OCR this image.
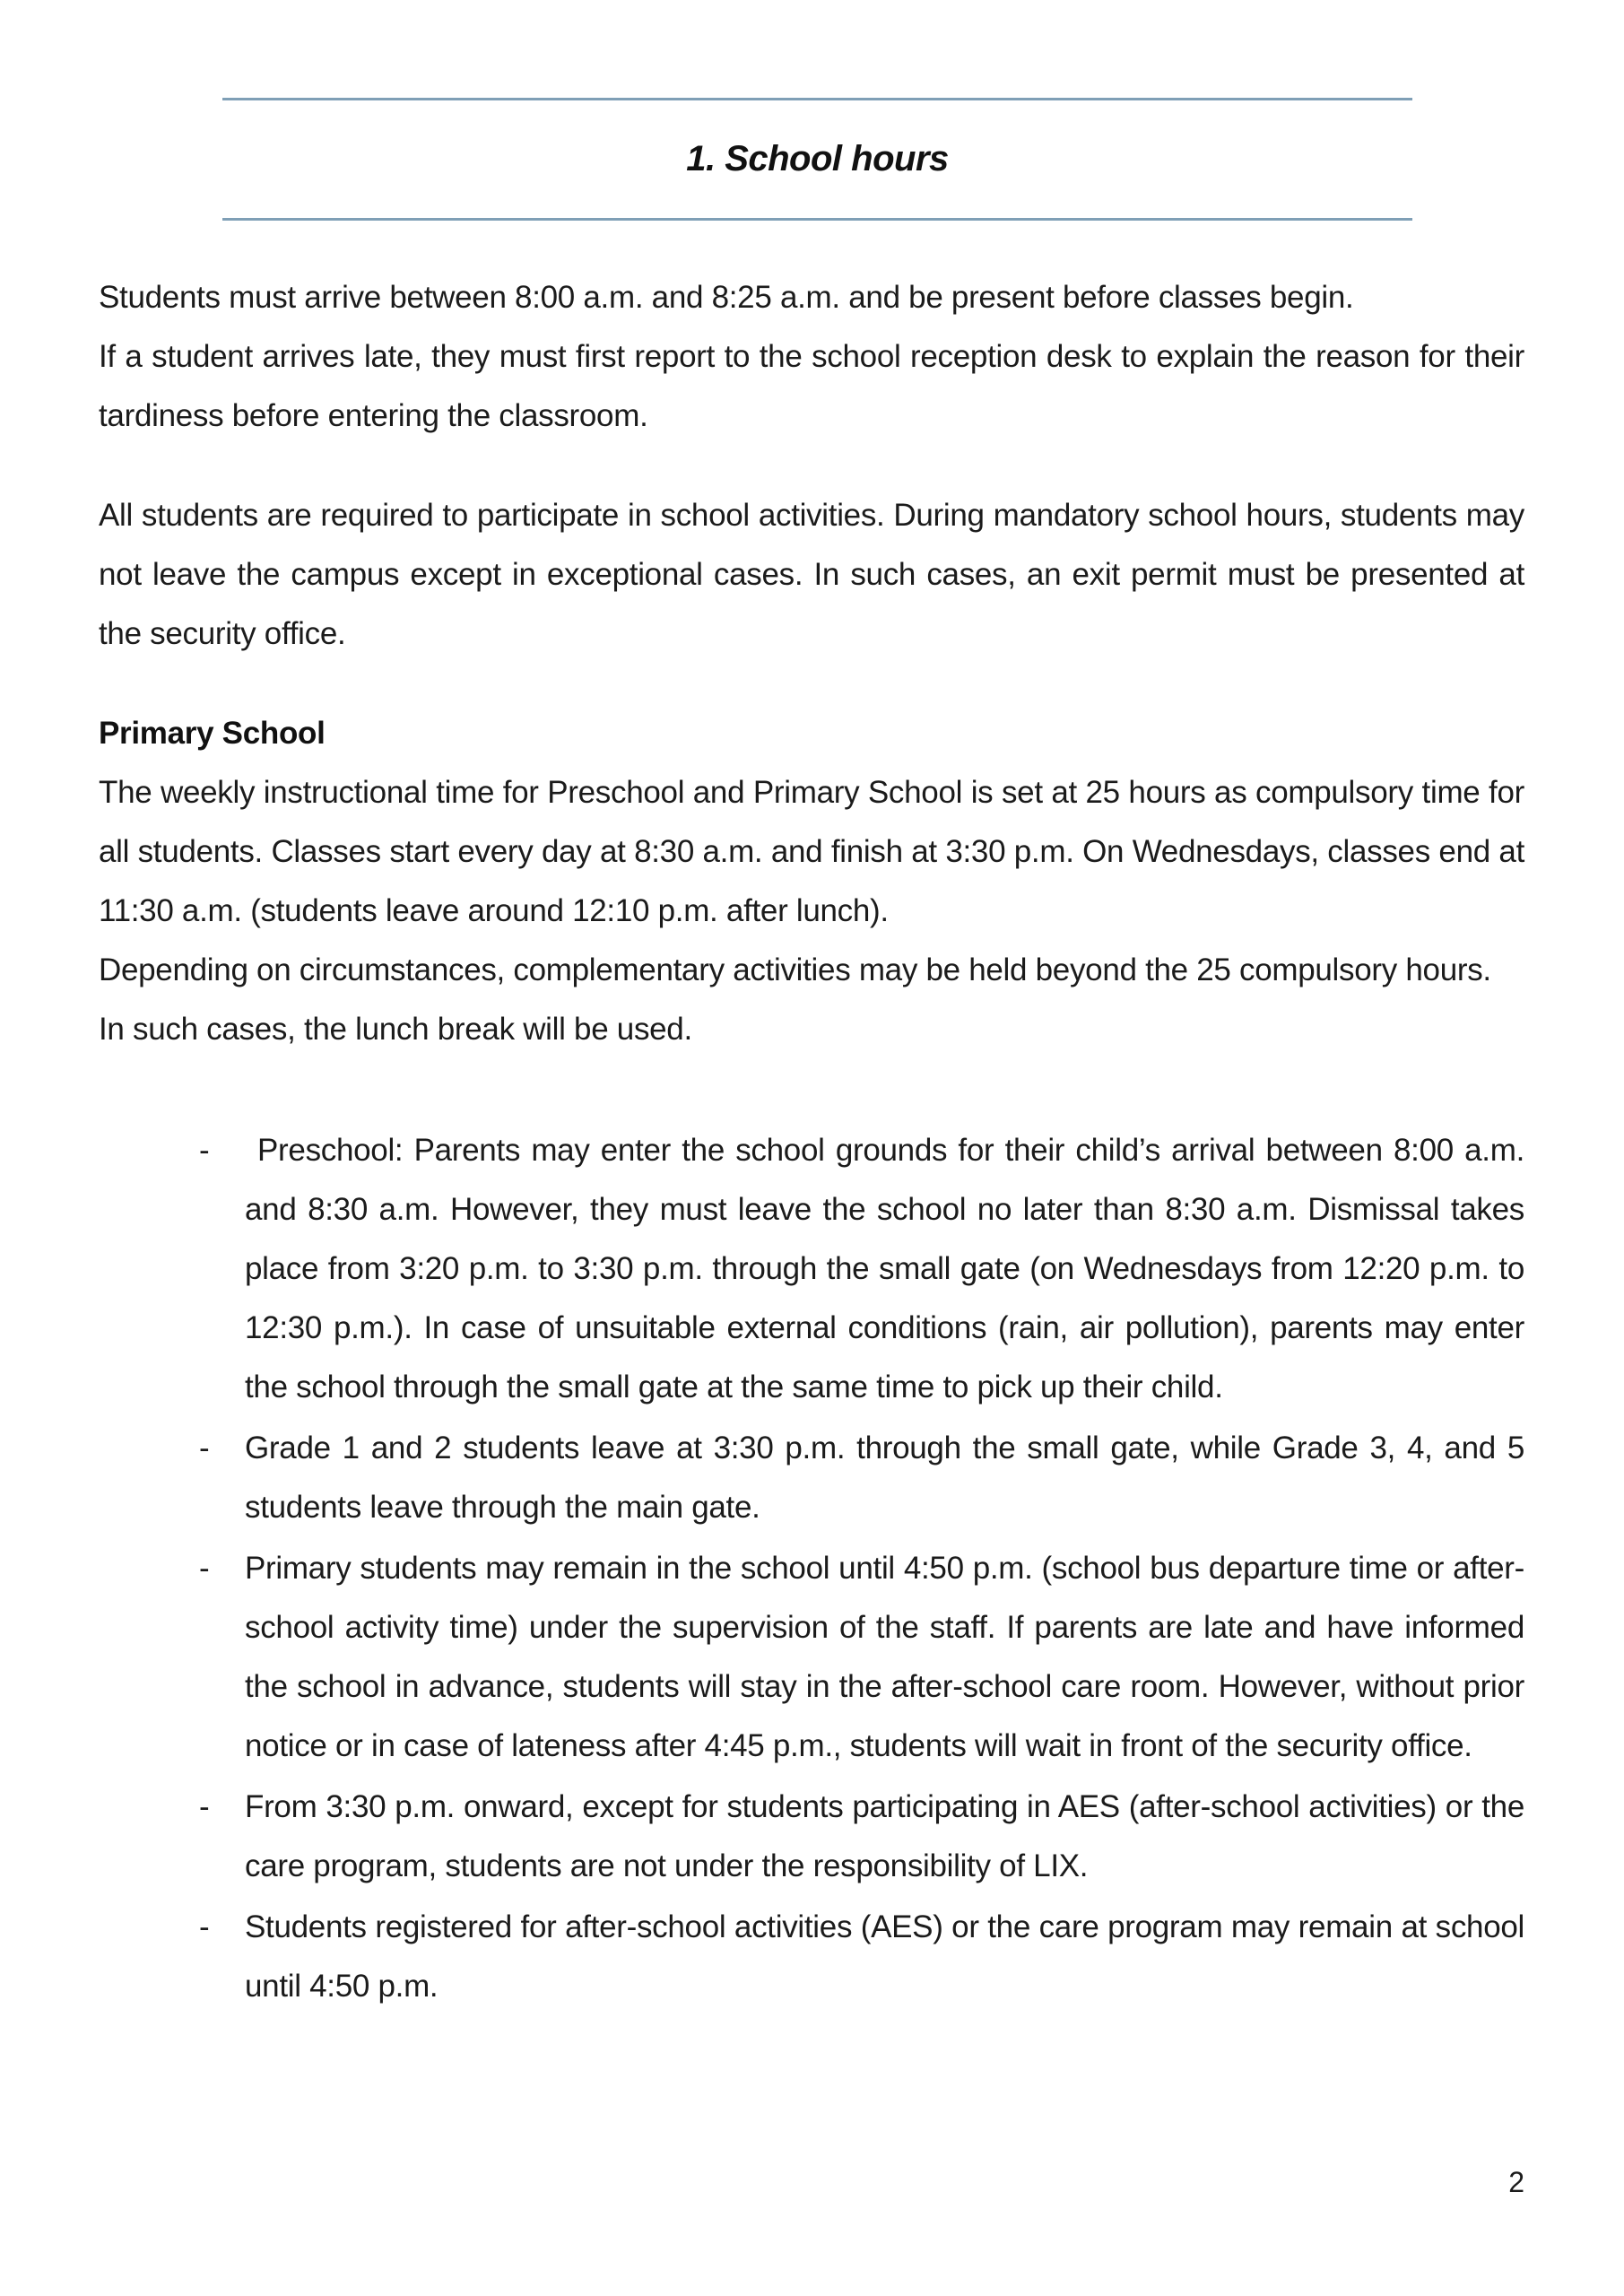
1. School hours

Students must arrive between 8:00 a.m. and 8:25 a.m. and be present before classes begin.

If a student arrives late, they must first report to the school reception desk to explain the reason for their tardiness before entering the classroom.

All students are required to participate in school activities. During mandatory school hours, students may not leave the campus except in exceptional cases. In such cases, an exit permit must be presented at the security office.

Primary School

The weekly instructional time for Preschool and Primary School is set at 25 hours as compulsory time for all students. Classes start every day at 8:30 a.m. and finish at 3:30 p.m. On Wednesdays, classes end at 11:30 a.m. (students leave around 12:10 p.m. after lunch).

Depending on circumstances, complementary activities may be held beyond the 25 compulsory hours.

In such cases, the lunch break will be used.

- Preschool: Parents may enter the school grounds for their child’s arrival between 8:00 a.m. and 8:30 a.m. However, they must leave the school no later than 8:30 a.m. Dismissal takes place from 3:20 p.m. to 3:30 p.m. through the small gate (on Wednesdays from 12:20 p.m. to 12:30 p.m.). In case of unsuitable external conditions (rain, air pollution), parents may enter the school through the small gate at the same time to pick up their child.
- Grade 1 and 2 students leave at 3:30 p.m. through the small gate, while Grade 3, 4, and 5 students leave through the main gate.
- Primary students may remain in the school until 4:50 p.m. (school bus departure time or after-school activity time) under the supervision of the staff. If parents are late and have informed the school in advance, students will stay in the after-school care room. However, without prior notice or in case of lateness after 4:45 p.m., students will wait in front of the security office.
- From 3:30 p.m. onward, except for students participating in AES (after-school activities) or the care program, students are not under the responsibility of LIX.
- Students registered for after-school activities (AES) or the care program may remain at school until 4:50 p.m.
2
